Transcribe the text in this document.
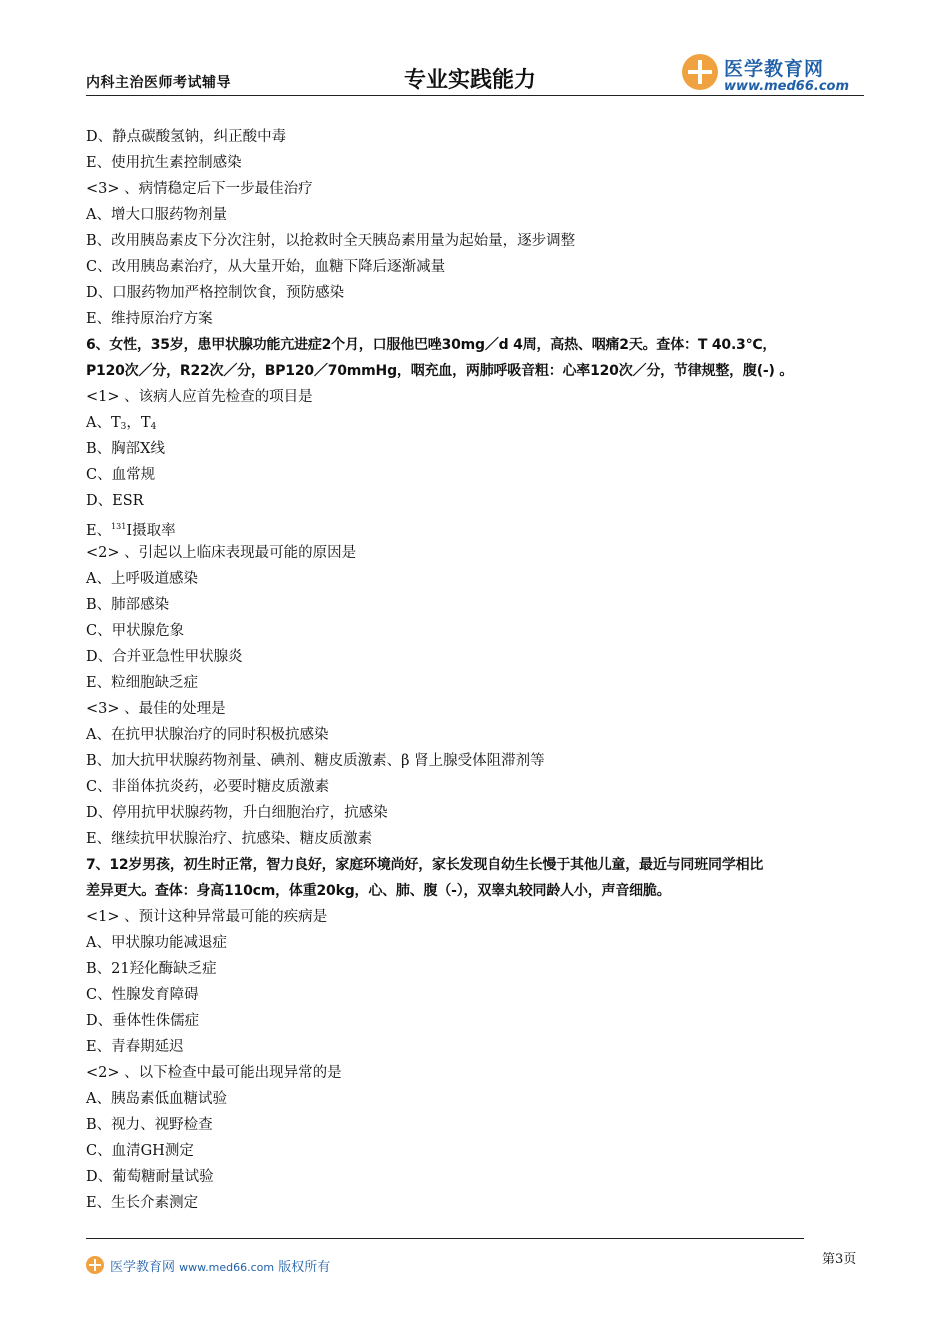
内科主治医师考试辅导	专业实践能力	医学教育网
www.med66.com
D、静点碳酸氢钠，纠正酸中毒
E、使用抗生素控制感染
<3> 、病情稳定后下一步最佳治疗
A、增大口服药物剂量
B、改用胰岛素皮下分次注射，以抢救时全天胰岛素用量为起始量，逐步调整
C、改用胰岛素治疗，从大量开始，血糖下降后逐渐减量
D、口服药物加严格控制饮食，预防感染
E、维持原治疗方案
6、女性，35岁，患甲状腺功能亢进症2个月，口服他巴唑30mg／d 4周，高热、咽痛2天。查体：T 40.3℃，
P120次／分，R22次／分，BP120／70mmHg，咽充血，两肺呼吸音粗：心率120次／分，节律规整，腹(-) 。
<1> 、该病人应首先检查的项目是
A、$T_3$，$T_4$
B、胸部X线
C、血常规
D、ESR
E、$^{131}$I摄取率
<2> 、引起以上临床表现最可能的原因是
A、上呼吸道感染
B、肺部感染
C、甲状腺危象
D、合并亚急性甲状腺炎
E、粒细胞缺乏症
<3> 、最佳的处理是
A、在抗甲状腺治疗的同时积极抗感染
B、加大抗甲状腺药物剂量、碘剂、糖皮质激素、β 肾上腺受体阻滞剂等
C、非甾体抗炎药，必要时糖皮质激素
D、停用抗甲状腺药物，升白细胞治疗，抗感染
E、继续抗甲状腺治疗、抗感染、糖皮质激素
7、12岁男孩，初生时正常，智力良好，家庭环境尚好，家长发现自幼生长慢于其他儿童，最近与同班同学相比
差异更大。查体：身高110cm，体重20kg，心、肺、腹（-），双睾丸较同龄人小，声音细脆。
<1> 、预计这种异常最可能的疾病是
A、甲状腺功能减退症
B、21羟化酶缺乏症
C、性腺发育障碍
D、垂体性侏儒症
E、青春期延迟
<2> 、以下检查中最可能出现异常的是
A、胰岛素低血糖试验
B、视力、视野检查
C、血清GH测定
D、葡萄糖耐量试验
E、生长介素测定
医学教育网 www.med66.com 版权所有
第3页
